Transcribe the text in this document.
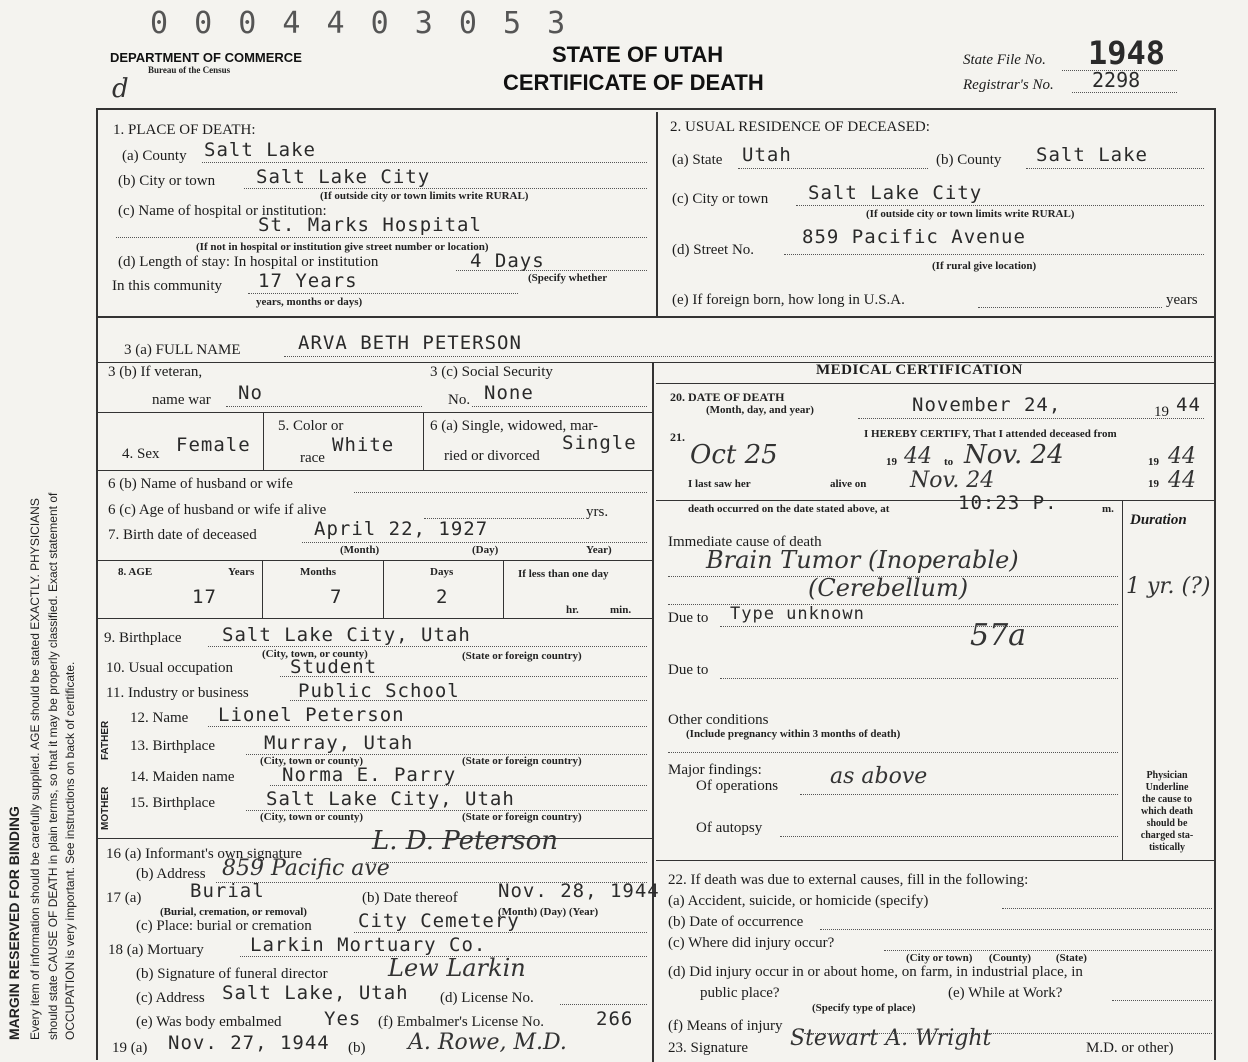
MARGIN RESERVED FOR BINDING Every item of information should be carefully supplied. AGE should be stated EXACTLY. PHYSICIANS should state CAUSE OF DEATH in plain terms, so that it may be properly classified. Exact statement of OCCUPATION is very important. See instructions on back of certificate.
0 0 0 4 4 0 3 0 5 3
DEPARTMENT OF COMMERCE
Bureau of the Census
d
STATE OF UTAH
CERTIFICATE OF DEATH
State File No. 1948
Registrar's No. 2298
1. PLACE OF DEATH:
(a) County Salt Lake
(b) City or town Salt Lake City
(If outside city or town limits write RURAL)
(c) Name of hospital or institution:
St. Marks Hospital
(If not in hospital or institution give street number or location)
(d) Length of stay: In hospital or institution	4 Days
In this community 17 Years	(Specify whether
years, months or days)
2. USUAL RESIDENCE OF DECEASED:
(a) State Utah	(b) County Salt Lake
(c) City or town Salt Lake City
(If outside city or town limits write RURAL)
(d) Street No.
859 Pacific Avenue
(If rural give location)
(e) If foreign born, how long in U.S.A.	years
3 (a) FULL NAME	ARVA BETH PETERSON
3 (b) If veteran,
name war No
3 (c) Social Security
No. None
4. Sex Female
5. Color or
race
White
6 (a) Single, widowed, mar-
ried or divorced
Single
6 (b) Name of husband or wife
6 (c) Age of husband or wife if alive	yrs.
7. Birth date of deceased	April 22, 1927
(Month)	(Day)	Year)
8. AGE	Years
17
Months
7
Days
2
If less than one day
hr.	min.
9. Birthplace Salt Lake City, Utah
(City, town, or county)	(State or foreign country)
10. Usual occupation	Student
11. Industry or business	Public School
FATHER
MOTHER
12. Name Lionel Peterson
13. Birthplace	Murray, Utah
(City, town or county)	(State or foreign country)
14. Maiden name Norma E. Parry
15. Birthplace	Salt Lake City, Utah
(City, town or county)	(State or foreign country)
16 (a) Informant's own signature	L. D. Peterson
(b) Address 859 Pacific ave
17 (a)	Burial
(Burial, cremation, or removal)
(b) Date thereof Nov. 28, 1944
(Month) (Day) (Year)
(c) Place: burial or cremation City Cemetery
18 (a) Mortuary Larkin Mortuary Co.
(b) Signature of funeral director	Lew Larkin
(c) Address Salt Lake, Utah (d) License No.
(e) Was body embalmed Yes (f) Embalmer's License No.	266
19 (a) Nov. 27, 1944 (b) A. Rowe, M.D.
MEDICAL CERTIFICATION
20. DATE OF DEATH
(Month, day, and year)	November 24,	19 44
21.	I HEREBY CERTIFY, That I attended deceased from
Oct 25	19 44 to Nov. 24	19 44
I last saw her	alive on Nov. 24	19 44
death occurred on the date stated above, at	10:23 P.	m.
Duration
Immediate cause of death
Brain Tumor (Inoperable)
(Cerebellum)	1 yr. (?)
Due to Type unknown
57a
Due to
Other conditions
(Include pregnancy within 3 months of death)
Major findings:
Of operations as above
Of autopsy
Physician
Underline
the cause to
which death
should be
charged sta-
tistically
22. If death was due to external causes, fill in the following:
(a) Accident, suicide, or homicide (specify)
(b) Date of occurrence
(c) Where did injury occur?
(City or town)      (County)         (State)
(d) Did injury occur in or about home, on farm, in industrial place, in
public place?	(e) While at Work?
(Specify type of place)
(f) Means of injury
23. Signature Stewart A. Wright	M.D. or other)
